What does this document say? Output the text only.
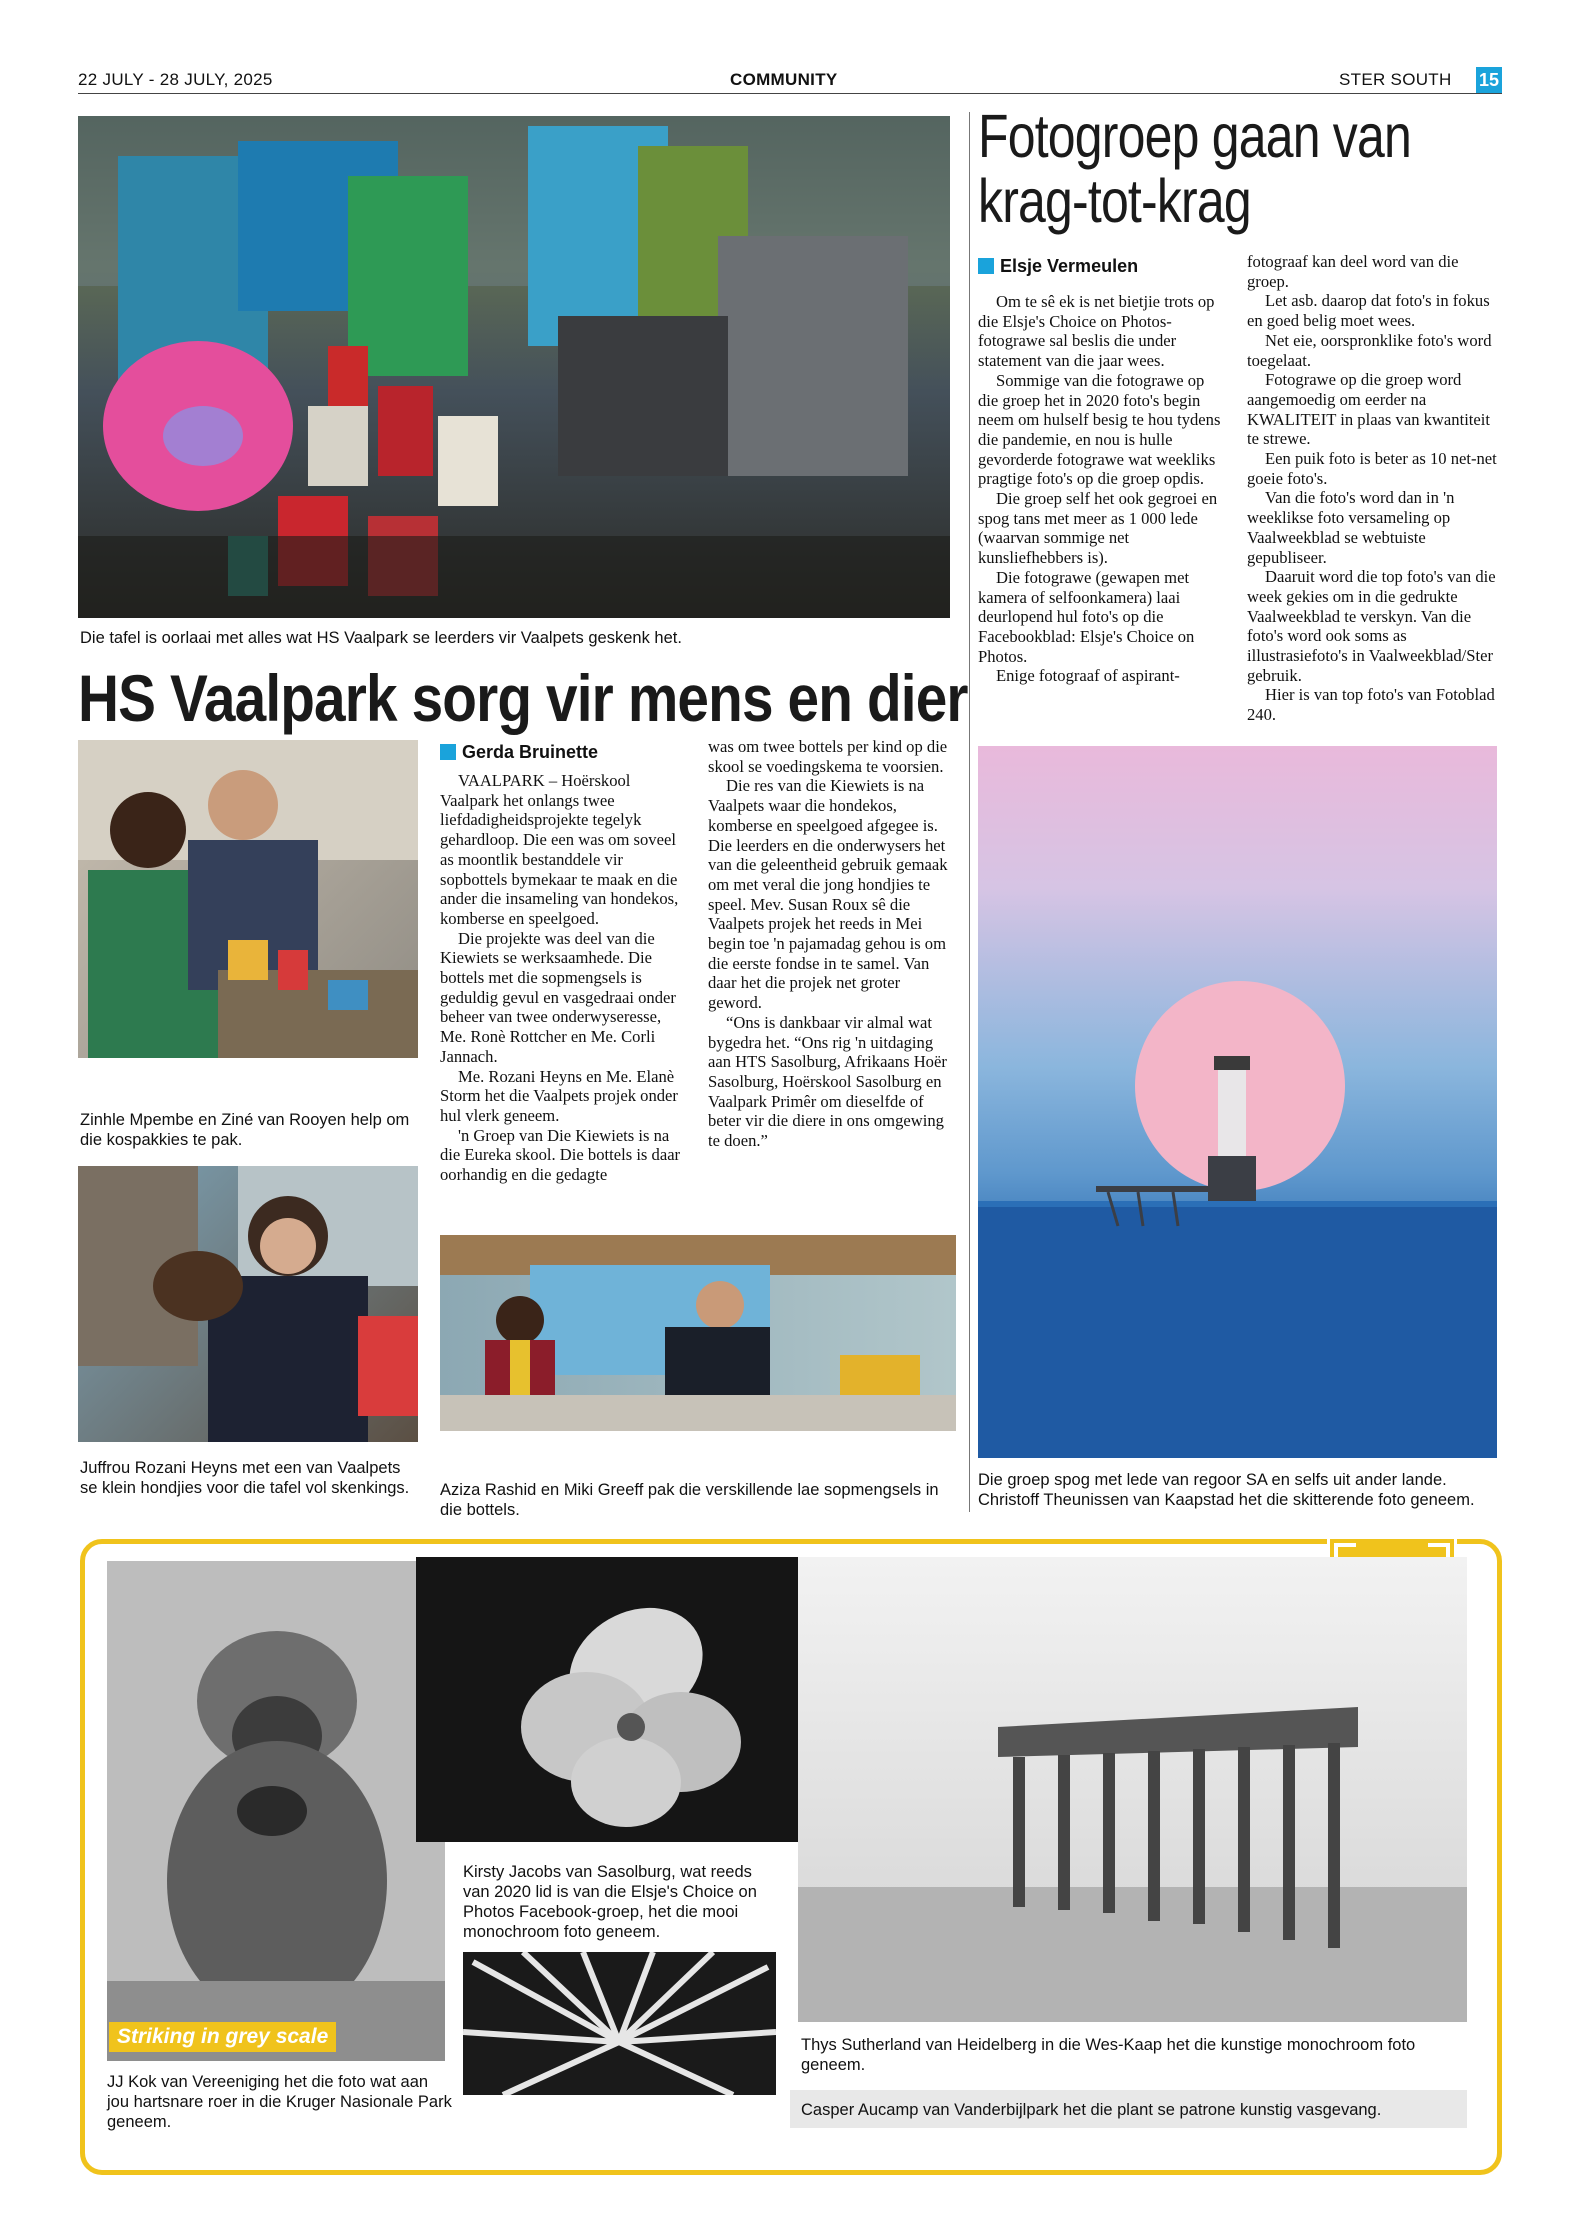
22 JULY - 28 JULY, 2025	COMMUNITY	STER SOUTH 15
Die tafel is oorlaai met alles wat HS Vaalpark se leerders vir Vaalpets geskenk het.
HS Vaalpark sorg vir mens en dier
Zinhle Mpembe en Ziné van Rooyen help om die kospakkies te pak.
Juffrou Rozani Heyns met een van Vaalpets se klein hondjies voor die tafel vol skenkings.
Gerda Bruinette

VAALPARK – Hoërskool Vaalpark het onlangs twee liefdadigheidsprojekte tegelyk gehardloop. Die een was om soveel as moontlik bestanddele vir sopbottels bymekaar te maak en die ander die insameling van hondekos, komberse en speelgoed.

Die projekte was deel van die Kiewiets se werksaamhede. Die bottels met die sopmengsels is geduldig gevul en vasgedraai onder beheer van twee onderwyseresse, Me. Ronè Rottcher en Me. Corli Jannach.

Me. Rozani Heyns en Me. Elanè Storm het die Vaalpets projek onder hul vlerk geneem.

'n Groep van Die Kiewiets is na die Eureka skool. Die bottels is daar oorhandig en die gedagte

was om twee bottels per kind op die skool se voedingskema te voorsien.

Die res van die Kiewiets is na Vaalpets waar die hondekos, komberse en speelgoed afgegee is. Die leerders en die onderwysers het van die geleentheid gebruik gemaak om met veral die jong hondjies te speel. Mev. Susan Roux sê die Vaalpets projek het reeds in Mei begin toe 'n pajamadag gehou is om die eerste fondse in te samel. Van daar het die projek net groter geword.

“Ons is dankbaar vir almal wat bygedra het. “Ons rig 'n uitdaging aan HTS Sasolburg, Afrikaans Hoër Sasolburg, Hoërskool Sasolburg en Vaalpark Primêr om dieselfde of beter vir die diere in ons omgewing te doen.”

Aziza Rashid en Miki Greeff pak die verskillende lae sopmengsels in die bottels.
Fotogroep gaan van
krag-tot-krag
Elsje Vermeulen

Om te sê ek is net bietjie trots op die Elsje's Choice on Photos-fotograwe sal beslis die under statement van die jaar wees.

Sommige van die fotograwe op die groep het in 2020 foto's begin neem om hulself besig te hou tydens die pandemie, en nou is hulle gevorderde fotograwe wat weekliks pragtige foto's op die groep opdis.

Die groep self het ook gegroei en spog tans met meer as 1 000 lede (waarvan sommige net kunsliefhebbers is).

Die fotograwe (gewapen met kamera of selfoonkamera) laai deurlopend hul foto's op die Facebookblad: Elsje's Choice on Photos.

Enige fotograaf of aspirant-

fotograaf kan deel word van die groep.

Let asb. daarop dat foto's in fokus en goed belig moet wees.

Net eie, oorspronklike foto's word toegelaat.

Fotograwe op die groep word aangemoedig om eerder na KWALITEIT in plaas van kwantiteit te strewe.

Een puik foto is beter as 10 net-net goeie foto's.

Van die foto's word dan in 'n weeklikse foto versameling op Vaalweekblad se webtuiste gepubliseer.

Daaruit word die top foto's van die week gekies om in die gedrukte Vaalweekblad te verskyn. Van die foto's word ook soms as illustrasiefoto's in Vaalweekblad/Ster gebruik.

Hier is van top foto's van Fotoblad 240.

Die groep spog met lede van regoor SA en selfs uit ander lande. Christoff Theunissen van Kaapstad het die skitterende foto geneem.
Striking in grey scale
JJ Kok van Vereeniging het die foto wat aan jou hartsnare roer in die Kruger Nasionale Park geneem.
Kirsty Jacobs van Sasolburg, wat reeds van 2020 lid is van die Elsje's Choice on Photos Facebook-groep, het die mooi monochroom foto geneem.
Thys Sutherland van Heidelberg in die Wes-Kaap het die kunstige monochroom foto geneem.
Casper Aucamp van Vanderbijlpark het die plant se patrone kunstig vasgevang.
